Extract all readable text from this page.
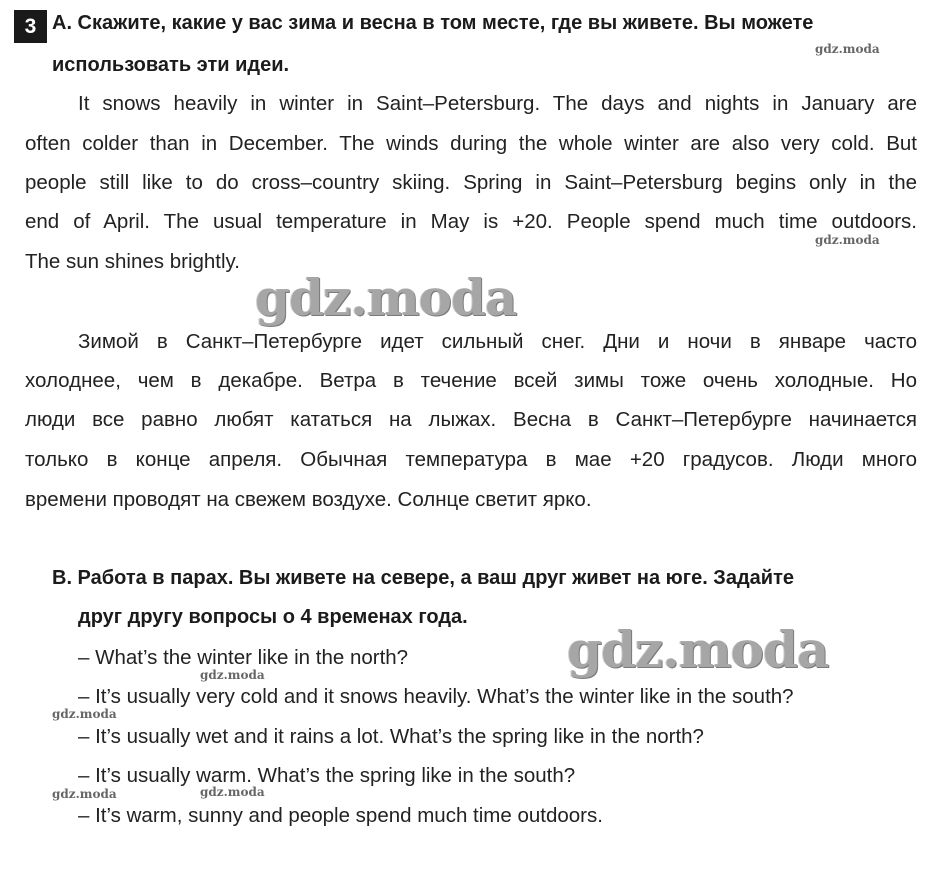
3 А. Скажите, какие у вас зима и весна в том месте, где вы живете. Вы можете
использовать эти идеи.
It snows heavily in winter in Saint–Petersburg. The days and nights in January are
often colder than in December. The winds during the whole winter are also very cold. But
people still like to do cross–country skiing. Spring in Saint–Petersburg begins only in the
end of April. The usual temperature in May is +20. People spend much time outdoors.
The sun shines brightly.
Зимой в Санкт–Петербурге идет сильный снег. Дни и ночи в январе часто
холоднее, чем в декабре. Ветра в течение всей зимы тоже очень холодные. Но
люди все равно любят кататься на лыжах. Весна в Санкт–Петербурге начинается
только в конце апреля. Обычная температура в мае +20 градусов. Люди много
времени проводят на свежем воздухе. Солнце светит ярко.
B. Работа в парах. Вы живете на севере, а ваш друг живет на юге. Задайте
друг другу вопросы о 4 временах года.
– What’s the winter like in the north?
– It’s usually very cold and it snows heavily. What’s the winter like in the south?
– It’s usually wet and it rains a lot. What’s the spring like in the north?
– It’s usually warm. What’s the spring like in the south?
– It’s warm, sunny and people spend much time outdoors.
gdz.moda
gdz.moda
gdz.moda
gdz.moda
gdz.moda
gdz.moda
gdz.moda	gdz.moda
